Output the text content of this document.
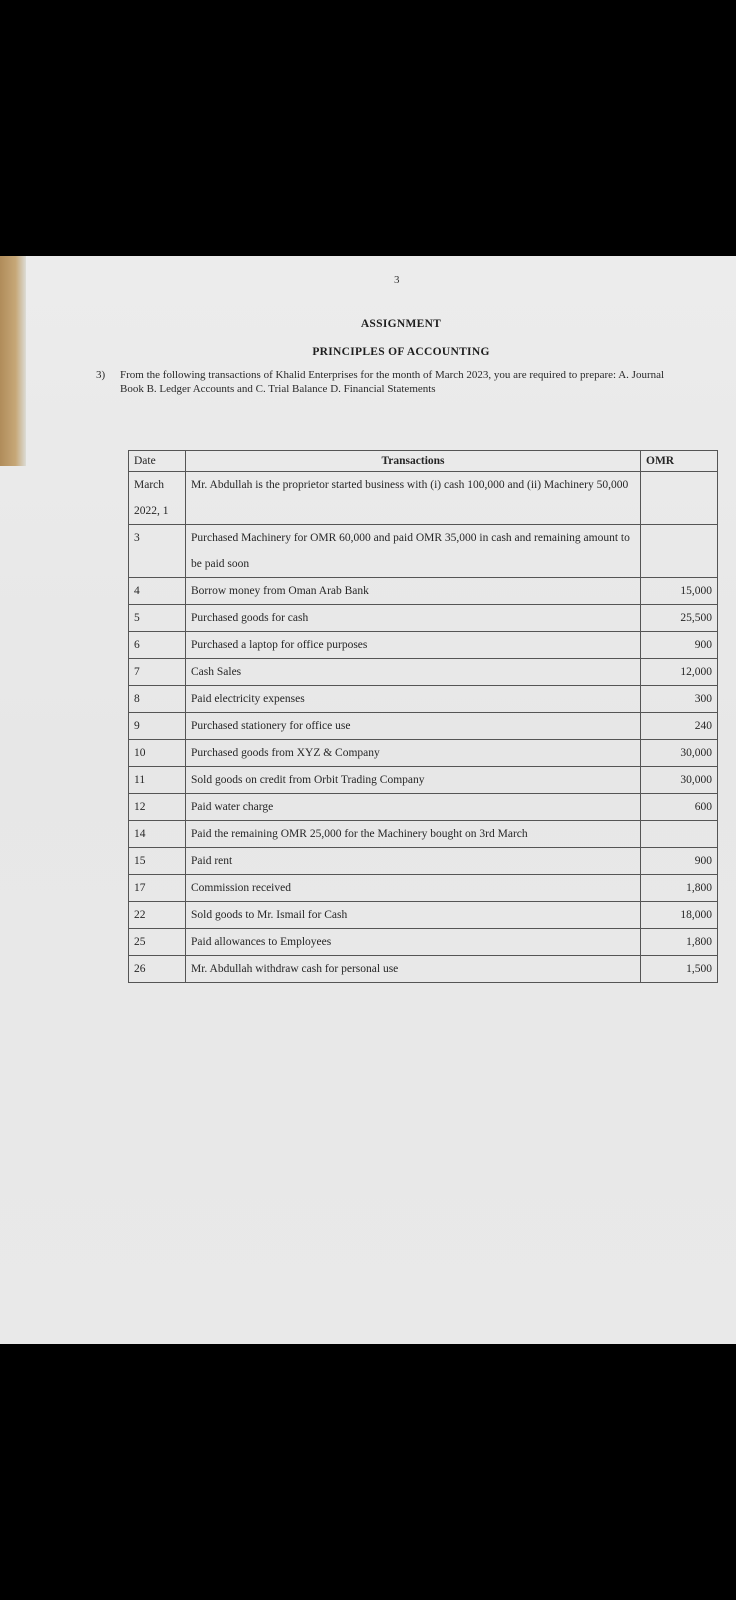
3
ASSIGNMENT
PRINCIPLES OF ACCOUNTING
3)	From the following transactions of Khalid Enterprises for the month of March 2023, you are required to prepare: A. Journal Book B. Ledger Accounts and C. Trial Balance D. Financial Statements
Date	Transactions	OMR
March 2022, 1	Mr. Abdullah is the proprietor started business with (i) cash 100,000 and (ii) Machinery 50,000	
3	Purchased Machinery for OMR 60,000 and paid OMR 35,000 in cash and remaining amount to be paid soon	
4	Borrow money from Oman Arab Bank	15,000
5	Purchased goods for cash	25,500
6	Purchased a laptop for office purposes	900
7	Cash Sales	12,000
8	Paid electricity expenses	300
9	Purchased stationery for office use	240
10	Purchased goods from XYZ & Company	30,000
11	Sold goods on credit from Orbit Trading Company	30,000
12	Paid water charge	600
14	Paid the remaining OMR 25,000 for the Machinery bought on 3rd March	
15	Paid rent	900
17	Commission received	1,800
22	Sold goods to Mr. Ismail for Cash	18,000
25	Paid allowances to Employees	1,800
26	Mr. Abdullah withdraw cash for personal use	1,500
